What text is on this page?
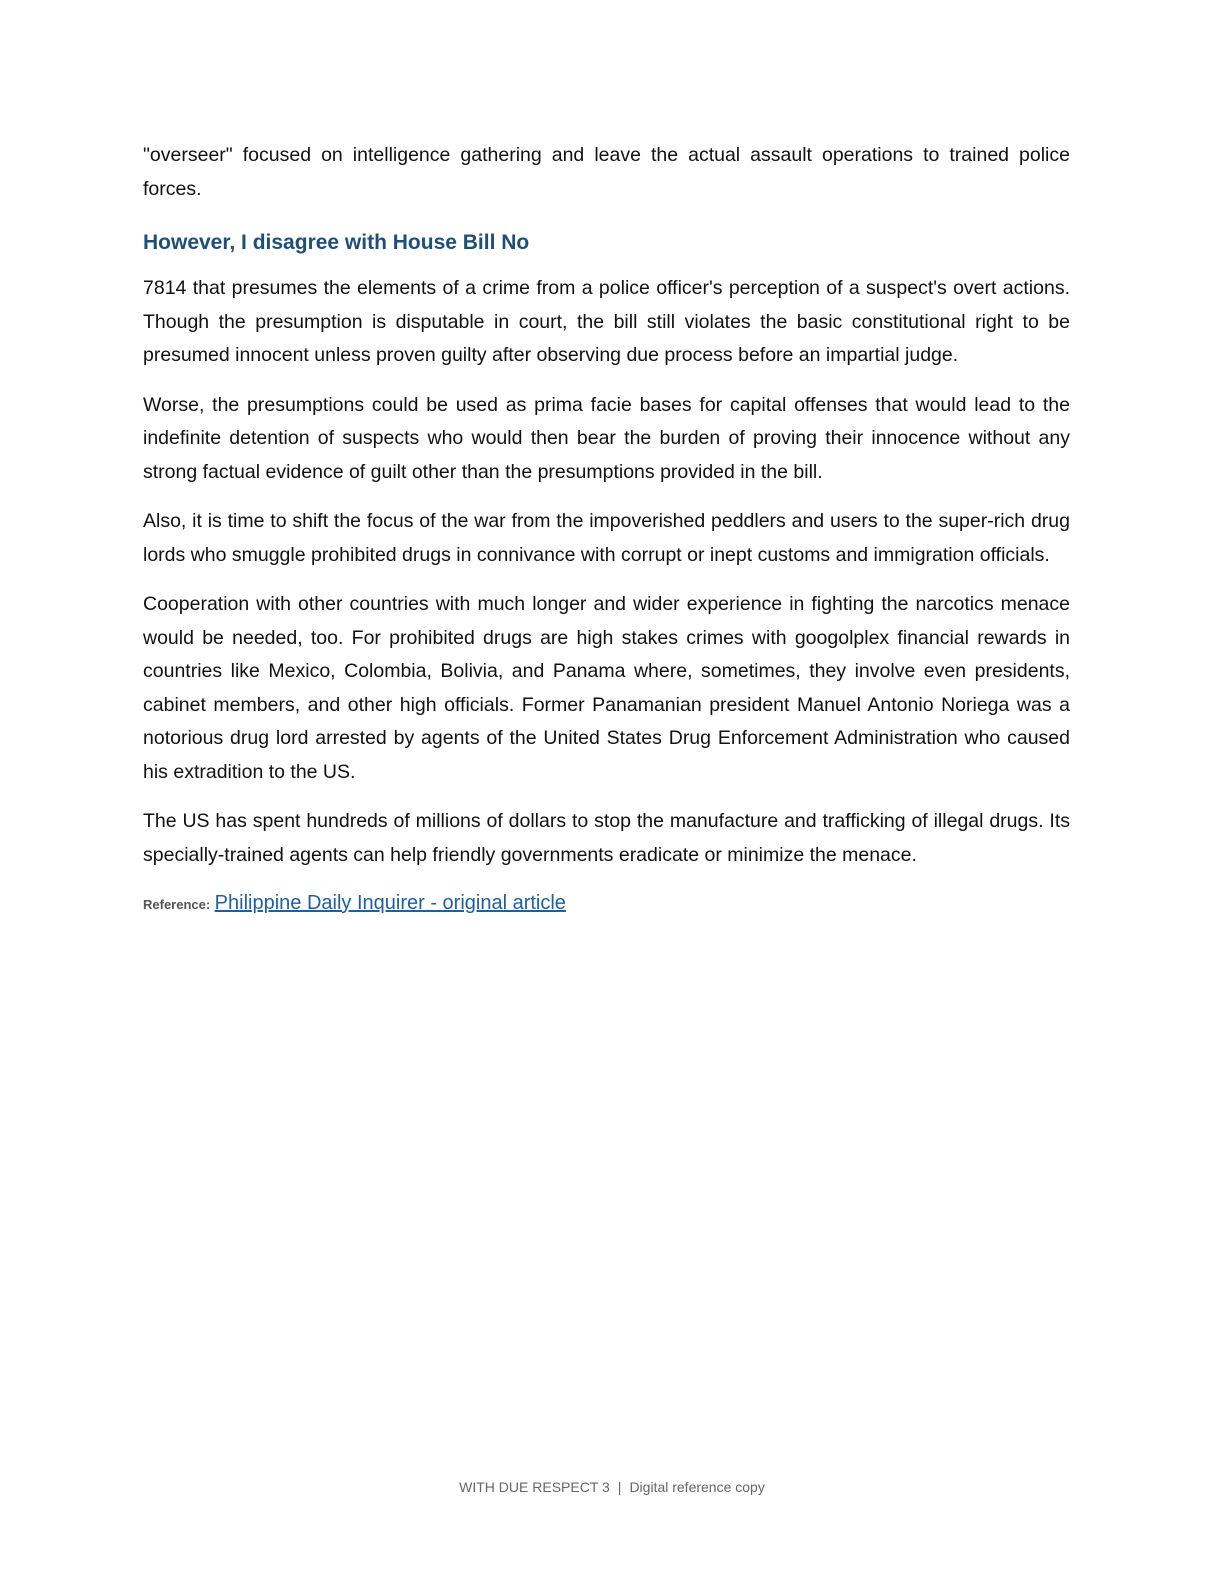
"overseer" focused on intelligence gathering and leave the actual assault operations to trained police forces.

However, I disagree with House Bill No

7814 that presumes the elements of a crime from a police officer's perception of a suspect's overt actions. Though the presumption is disputable in court, the bill still violates the basic constitutional right to be presumed innocent unless proven guilty after observing due process before an impartial judge.

Worse, the presumptions could be used as prima facie bases for capital offenses that would lead to the indefinite detention of suspects who would then bear the burden of proving their innocence without any strong factual evidence of guilt other than the presumptions provided in the bill.

Also, it is time to shift the focus of the war from the impoverished peddlers and users to the super-rich drug lords who smuggle prohibited drugs in connivance with corrupt or inept customs and immigration officials.

Cooperation with other countries with much longer and wider experience in fighting the narcotics menace would be needed, too. For prohibited drugs are high stakes crimes with googolplex financial rewards in countries like Mexico, Colombia, Bolivia, and Panama where, sometimes, they involve even presidents, cabinet members, and other high officials. Former Panamanian president Manuel Antonio Noriega was a notorious drug lord arrested by agents of the United States Drug Enforcement Administration who caused his extradition to the US.

The US has spent hundreds of millions of dollars to stop the manufacture and trafficking of illegal drugs. Its specially-trained agents can help friendly governments eradicate or minimize the menace.

Reference: Philippine Daily Inquirer - original article
WITH DUE RESPECT 3 | Digital reference copy
